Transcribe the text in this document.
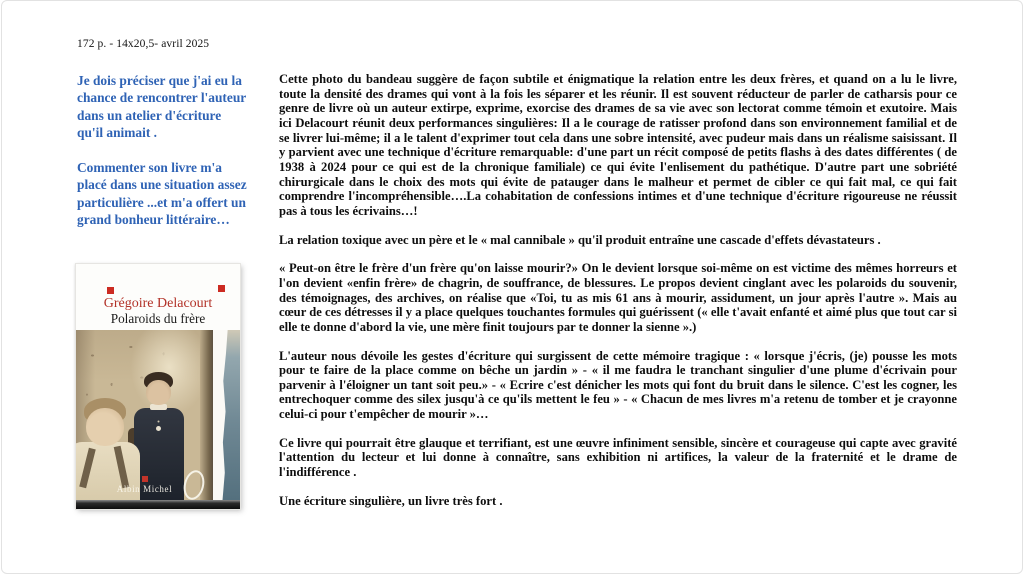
172 p. - 14x20,5- avril 2025

Je dois préciser que j'ai eu la chance de rencontrer l'auteur dans un atelier d'écriture qu'il animait .

Commenter son livre m'a placé dans une situation assez particulière ...et m'a offert un grand bonheur littéraire…

Grégoire Delacourt
Polaroids du frère
Albin Michel

Cette photo du bandeau suggère de façon subtile et énigmatique la relation entre les deux frères, et quand on a lu le livre, toute la densité des drames qui vont à la fois les séparer et les réunir. Il est souvent réducteur de parler de catharsis pour ce genre de livre où un auteur extirpe, exprime, exorcise des drames de sa vie avec son lectorat comme témoin et exutoire. Mais ici Delacourt réunit deux performances singulières: Il a le courage de ratisser profond dans son environnement familial et de se livrer lui-même; il a le talent d'exprimer tout cela dans une sobre intensité, avec pudeur mais dans un réalisme saisissant. Il y parvient avec une technique d'écriture remarquable: d'une part un récit composé de petits flashs à des dates différentes ( de 1938 à 2024 pour ce qui est de la chronique familiale) ce qui évite l'enlisement du pathétique. D'autre part une sobriété chirurgicale dans le choix des mots qui évite de patauger dans le malheur et permet de cibler ce qui fait mal, ce qui fait comprendre l'incompréhensible….La cohabitation de confessions intimes et d'une technique d'écriture rigoureuse ne réussit pas à tous les écrivains…!

La relation toxique avec un père et le « mal cannibale » qu'il produit entraîne une cascade d'effets dévastateurs .

« Peut-on être le frère d'un frère qu'on laisse mourir?» On le devient lorsque soi-même on est victime des mêmes horreurs et l'on devient «enfin frère» de chagrin, de souffrance, de blessures. Le propos devient cinglant avec les polaroids du souvenir, des témoignages, des archives, on réalise que «Toi, tu as mis 61 ans à mourir, assidument, un jour après l'autre ». Mais au cœur de ces détresses il y a place quelques touchantes formules qui guérissent (« elle t'avait enfanté et aimé plus que tout car si elle te donne d'abord la vie, une mère finit toujours par te donner la sienne ».)

L'auteur nous dévoile les gestes d'écriture qui surgissent de cette mémoire tragique : « lorsque j'écris, (je) pousse les mots pour te faire de la place comme on bêche un jardin » - « il me faudra le tranchant singulier d'une plume d'écrivain pour parvenir à l'éloigner un tant soit peu.» - « Ecrire c'est dénicher les mots qui font du bruit dans le silence. C'est les cogner, les entrechoquer comme des silex jusqu'à ce qu'ils mettent le feu » - « Chacun de mes livres m'a retenu de tomber et je crayonne celui-ci pour t'empêcher de mourir »…

Ce livre qui pourrait être glauque et terrifiant, est une œuvre infiniment sensible, sincère et courageuse qui capte avec gravité l'attention du lecteur et lui donne à connaître, sans exhibition ni artifices, la valeur de la fraternité et le drame de l'indifférence .

Une écriture singulière, un livre très fort .
